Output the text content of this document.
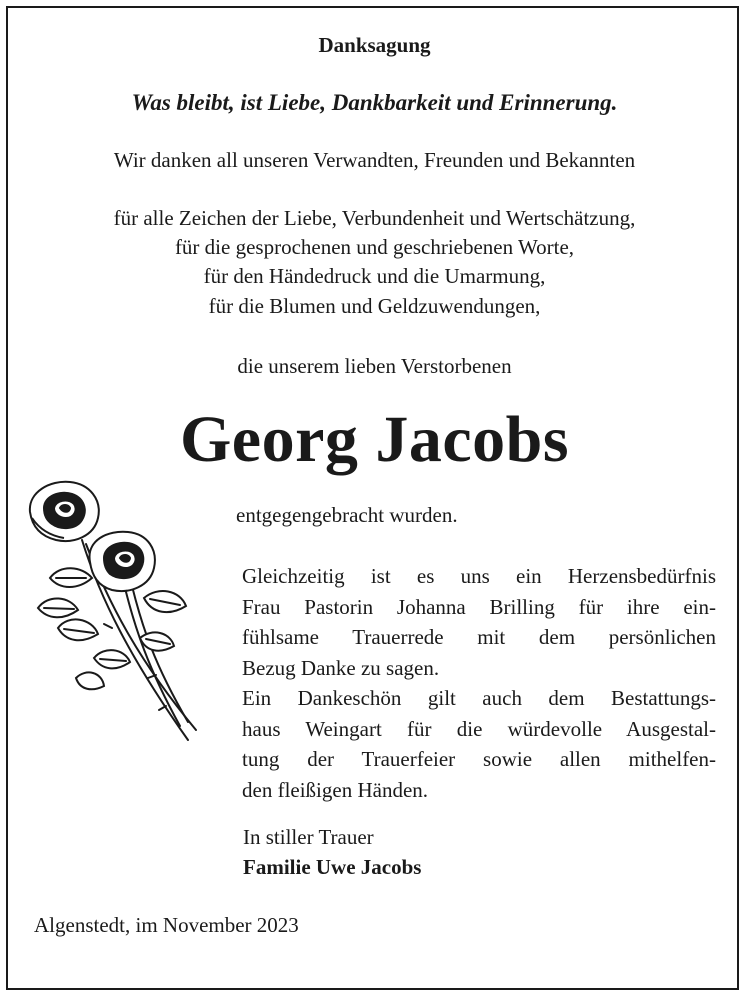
Danksagung
Was bleibt, ist Liebe, Dankbarkeit und Erinnerung.
Wir danken all unseren Verwandten, Freunden und Bekannten
für alle Zeichen der Liebe, Verbundenheit und Wertschätzung,
für die gesprochenen und geschriebenen Worte,
für den Händedruck und die Umarmung,
für die Blumen und Geldzuwendungen,
die unserem lieben Verstorbenen
Georg Jacobs
entgegengebracht wurden.
Gleichzeitig ist es uns ein Herzensbedürfnis
Frau Pastorin Johanna Brilling für ihre ein-
fühlsame Trauerrede mit dem persönlichen
Bezug Danke zu sagen.
Ein Dankeschön gilt auch dem Bestattungs-
haus Weingart für die würdevolle Ausgestal-
tung der Trauerfeier sowie allen mithelfen-
den fleißigen Händen.
In stiller Trauer
Familie Uwe Jacobs
Algenstedt, im November 2023
